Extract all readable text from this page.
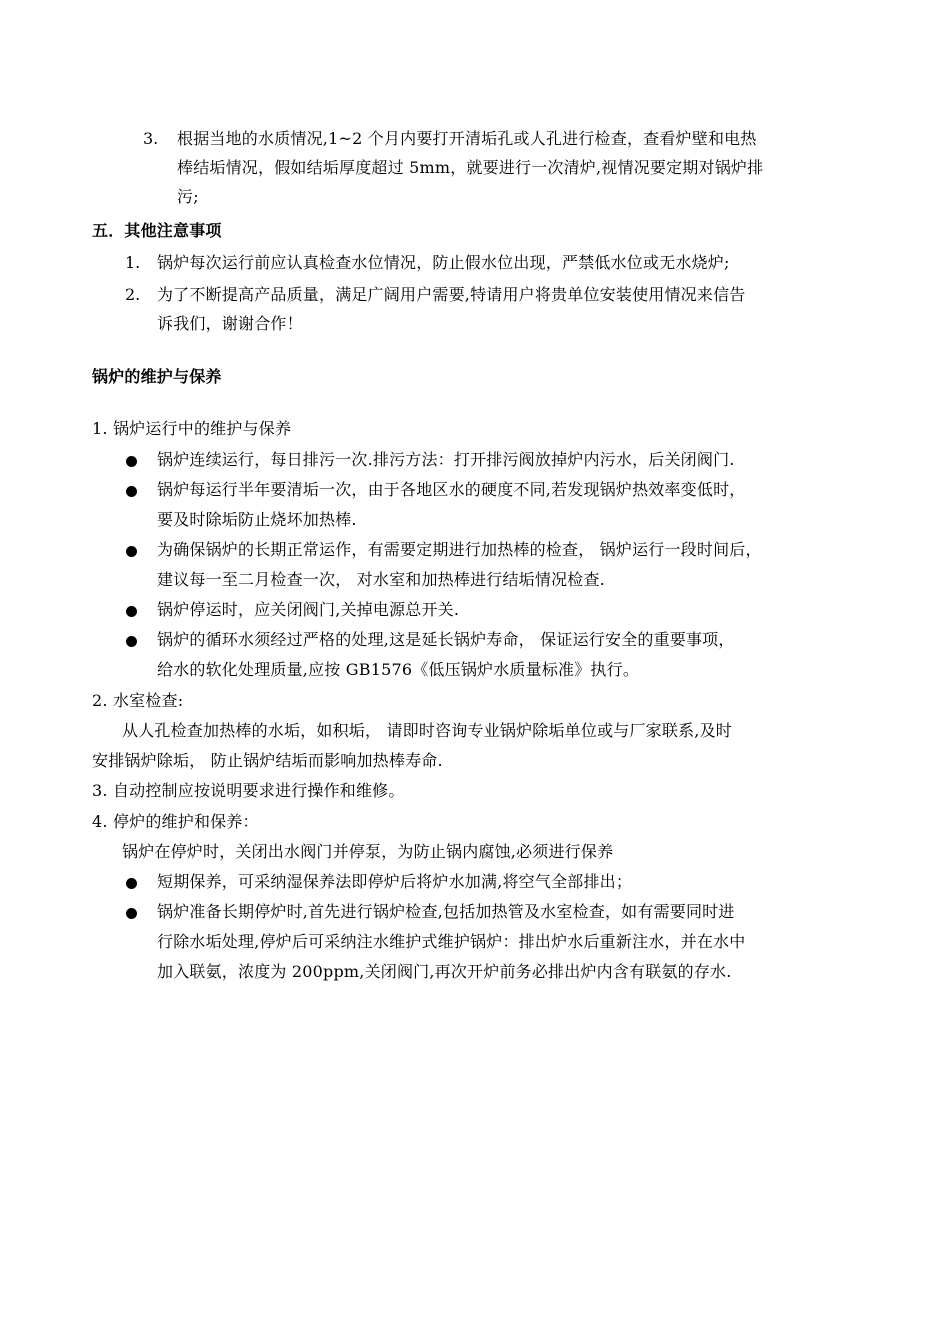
3. 根据当地的水质情况,1~2 个月内要打开清垢孔或人孔进行检查，查看炉壁和电热
棒结垢情况，假如结垢厚度超过 5mm，就要进行一次清炉,视情况要定期对锅炉排
污;
五．其他注意事项
1. 锅炉每次运行前应认真检查水位情况，防止假水位出现，严禁低水位或无水烧炉;
2. 为了不断提高产品质量，满足广阔用户需要,特请用户将贵单位安装使用情况来信告
诉我们，谢谢合作！
锅炉的维护与保养
1. 锅炉运行中的维护与保养
锅炉连续运行，每日排污一次.排污方法：打开排污阀放掉炉内污水，后关闭阀门.
锅炉每运行半年要清垢一次，由于各地区水的硬度不同,若发现锅炉热效率变低时，
要及时除垢防止烧坏加热棒.
为确保锅炉的长期正常运作，有需要定期进行加热棒的检查， 锅炉运行一段时间后，
建议每一至二月检查一次， 对水室和加热棒进行结垢情况检查.
锅炉停运时，应关闭阀门,关掉电源总开关.
锅炉的循环水须经过严格的处理,这是延长锅炉寿命， 保证运行安全的重要事项，
给水的软化处理质量,应按 GB1576《低压锅炉水质量标准》执行。
2. 水室检查:
从人孔检查加热棒的水垢，如积垢， 请即时咨询专业锅炉除垢单位或与厂家联系,及时
安排锅炉除垢， 防止锅炉结垢而影响加热棒寿命.
3. 自动控制应按说明要求进行操作和维修。
4. 停炉的维护和保养：
锅炉在停炉时，关闭出水阀门并停泵，为防止锅内腐蚀,必须进行保养
短期保养，可采纳湿保养法即停炉后将炉水加满,将空气全部排出；
锅炉准备长期停炉时,首先进行锅炉检查,包括加热管及水室检查，如有需要同时进
行除水垢处理,停炉后可采纳注水维护式维护锅炉：排出炉水后重新注水，并在水中
加入联氨，浓度为 200ppm,关闭阀门,再次开炉前务必排出炉内含有联氨的存水.
